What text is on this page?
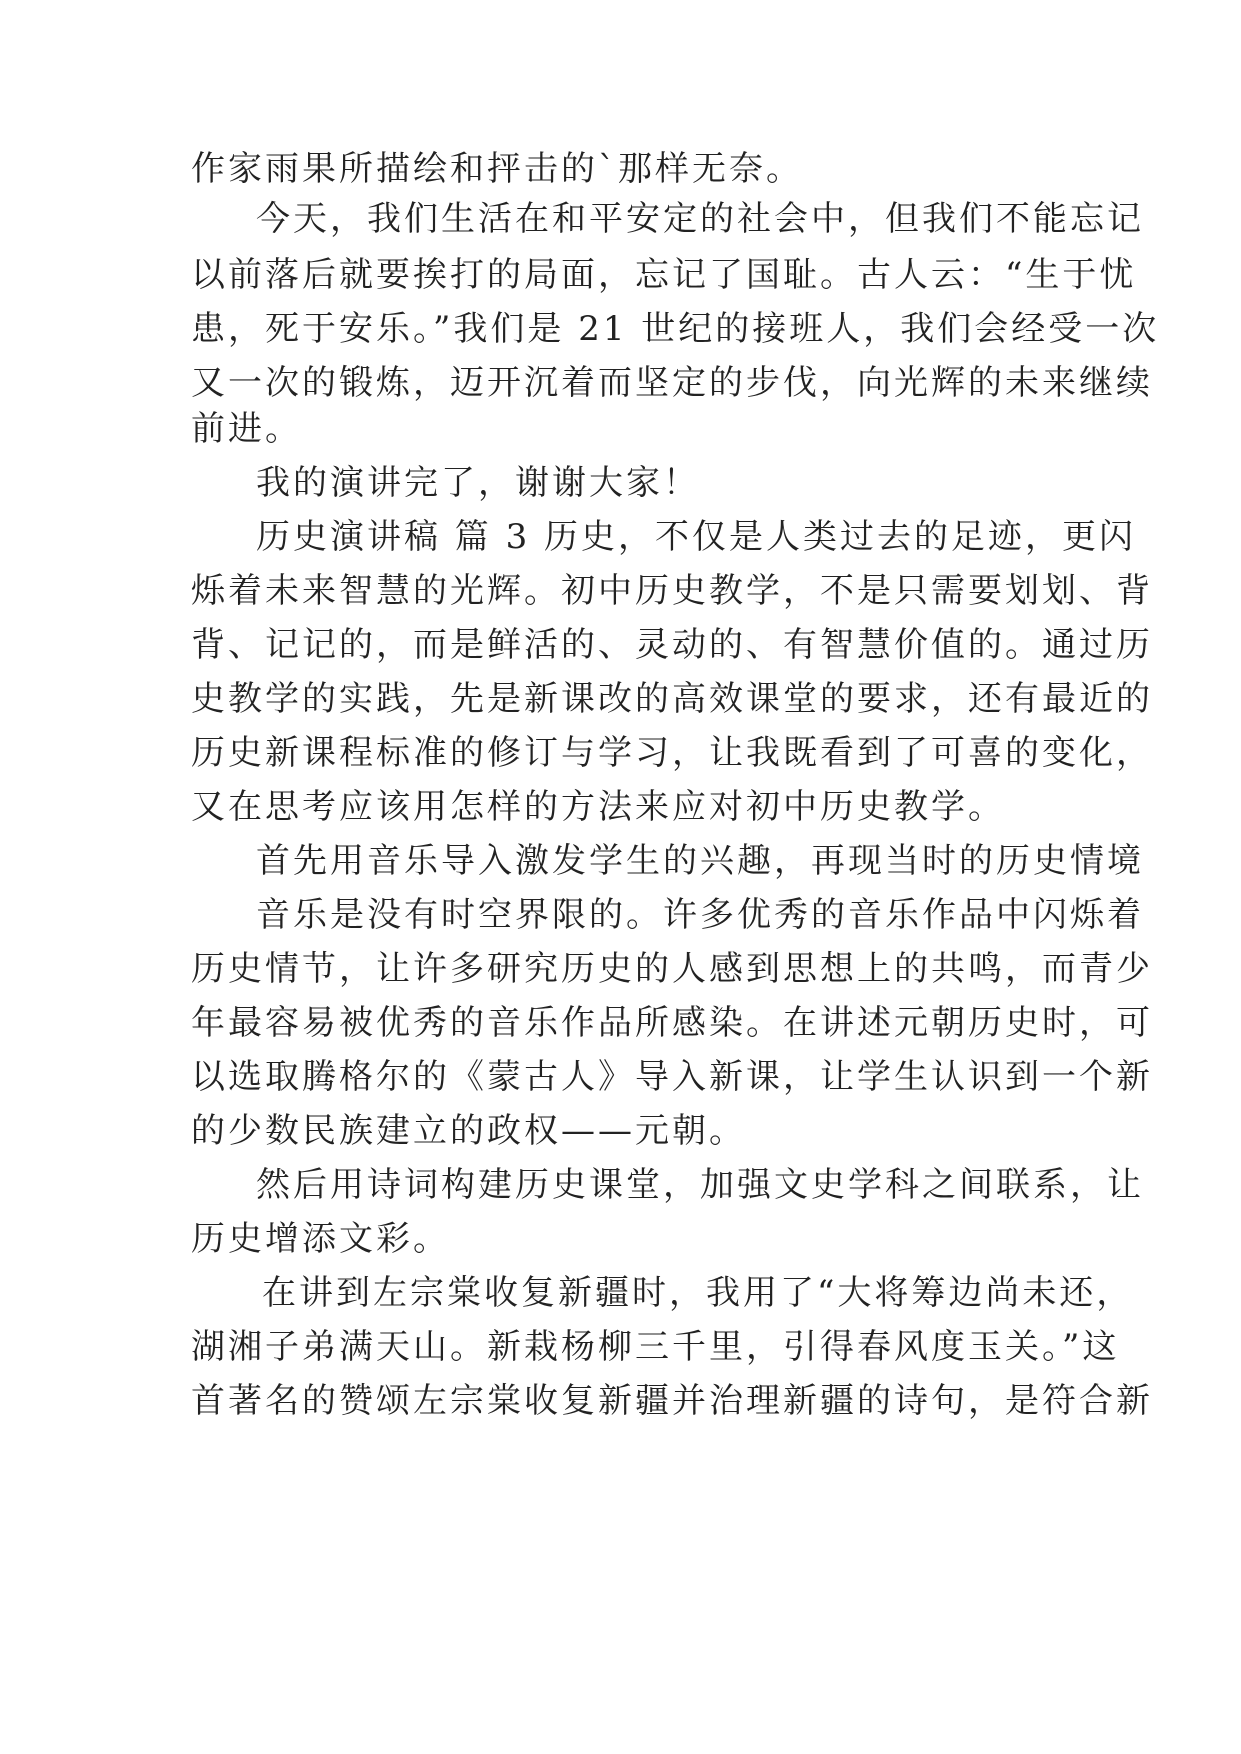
作家雨果所描绘和抨击的`那样无奈。
今天，我们生活在和平安定的社会中，但我们不能忘记
以前落后就要挨打的局面，忘记了国耻。古人云：“生于忧
患，死于安乐。”我们是 21 世纪的接班人，我们会经受一次
又一次的锻炼，迈开沉着而坚定的步伐，向光辉的未来继续
前进。
我的演讲完了，谢谢大家！
历史演讲稿 篇 3 历史，不仅是人类过去的足迹，更闪
烁着未来智慧的光辉。初中历史教学，不是只需要划划、背
背、记记的，而是鲜活的、灵动的、有智慧价值的。通过历
史教学的实践，先是新课改的高效课堂的要求，还有最近的
历史新课程标准的修订与学习，让我既看到了可喜的变化，
又在思考应该用怎样的方法来应对初中历史教学。
首先用音乐导入激发学生的兴趣，再现当时的历史情境
音乐是没有时空界限的。许多优秀的音乐作品中闪烁着
历史情节，让许多研究历史的人感到思想上的共鸣，而青少
年最容易被优秀的音乐作品所感染。在讲述元朝历史时，可
以选取腾格尔的《蒙古人》导入新课，让学生认识到一个新
的少数民族建立的政权——元朝。
然后用诗词构建历史课堂，加强文史学科之间联系，让
历史增添文彩。
在讲到左宗棠收复新疆时，我用了“大将筹边尚未还，
湖湘子弟满天山。新栽杨柳三千里，引得春风度玉关。”这
首著名的赞颂左宗棠收复新疆并治理新疆的诗句，是符合新
